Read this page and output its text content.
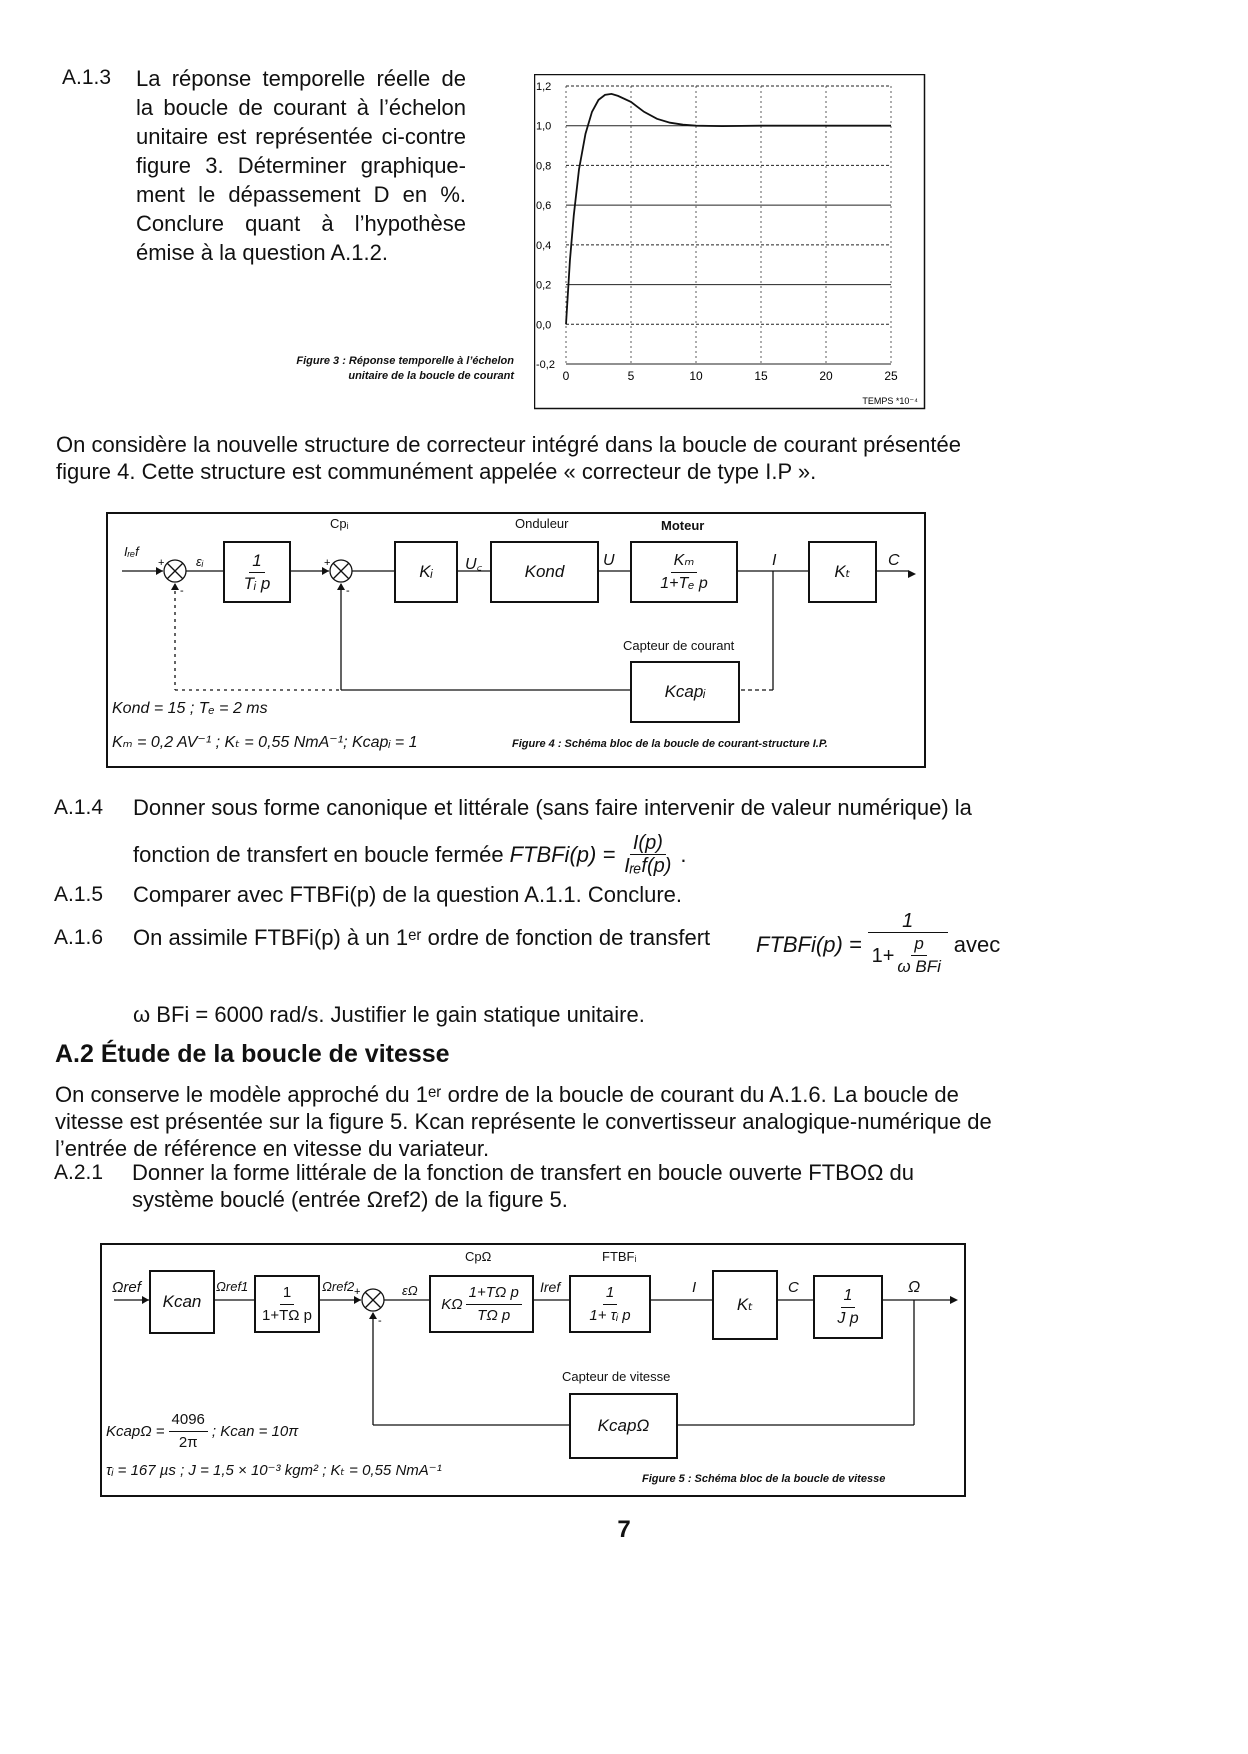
A.1.3 La réponse temporelle réelle de
la boucle de courant à l’échelon
unitaire est représentée ci-contre
figure 3. Déterminer graphique-
ment le dépassement D en %.
Conclure quant à l’hypothèse
émise à la question A.1.2.
Figure 3 : Réponse temporelle à l’échelon
unitaire de la boucle de courant
1,2
1,0
0,8
0,6
0,4
0,2
0,0
-0,2
0	5	10	15	20	25
TEMPS *10⁻⁴
On considère la nouvelle structure de correcteur intégré dans la boucle de courant présentée
figure 4. Cette structure est communément appelée « correcteur de type I.P ».
+	+
-	-
Cpᵢ	Onduleur	Moteur
Iᵣₑf
εᵢ $\frac{1}{\text{Tᵢ p}}$	Kᵢ	U꜀	Kond
U	$\frac{\text{Kₘ}}{\text{1+Tₑ p}}$	I
Kₜ
C
Capteur de courant
Kcapᵢ
Kond = 15 ; Tₑ = 2 ms
Kₘ = 0,2 AV⁻¹ ; Kₜ = 0,55 NmA⁻¹; Kcapᵢ = 1	Figure 4 : Schéma bloc de la boucle de courant-structure I.P.
A.1.4 Donner sous forme canonique et littérale (sans faire intervenir de valeur numérique) la
fonction de transfert en boucle fermée FTBFi(p) = $\frac{I(p)}{\text{Iᵣₑf(p)}}$ .
A.1.5 Comparer avec FTBFi(p) de la question A.1.1. Conclure.
A.1.6 On assimile FTBFi(p) à un 1ᵉʳ ordre de fonction de transfert FTBFi(p) = $\frac{1}{1+ \frac{p}{\text{ω BFi}}}$ avec
ω BFi = 6000 rad/s. Justifier le gain statique unitaire.
A.2 Étude de la boucle de vitesse
On conserve le modèle approché du 1ᵉʳ ordre de la boucle de courant du A.1.6. La boucle de
vitesse est présentée sur la figure 5. Kcan représente le convertisseur analogique-numérique de
l’entrée de référence en vitesse du variateur.
A.2.1 Donner la forme littérale de la fonction de transfert en boucle ouverte FTBOΩ du
système bouclé (entrée Ωref2) de la figure 5.
+
-
Ωref
Kcan
$\Omega ref1 \frac{1}{\text{1+TΩ p}} \Omega ref2$
CpΩ
εΩ
KΩ $\frac{\text{1+TΩ p}}{\text{TΩ p}}$ Iref
FTBFᵢ
$\frac{1}{\text{1+ τᵢ p}}$	I
Kₜ
C $\frac{1}{\text{J p}}$	Ω
Capteur de vitesse
KcapΩ
KcapΩ = $\frac{4096}{2\pi}$ ; Kcan = 10π
τᵢ = 167 µs ; J = 1,5 × 10⁻³ kgm² ; Kₜ = 0,55 NmA⁻¹	Figure 5 : Schéma bloc de la boucle de vitesse
7
